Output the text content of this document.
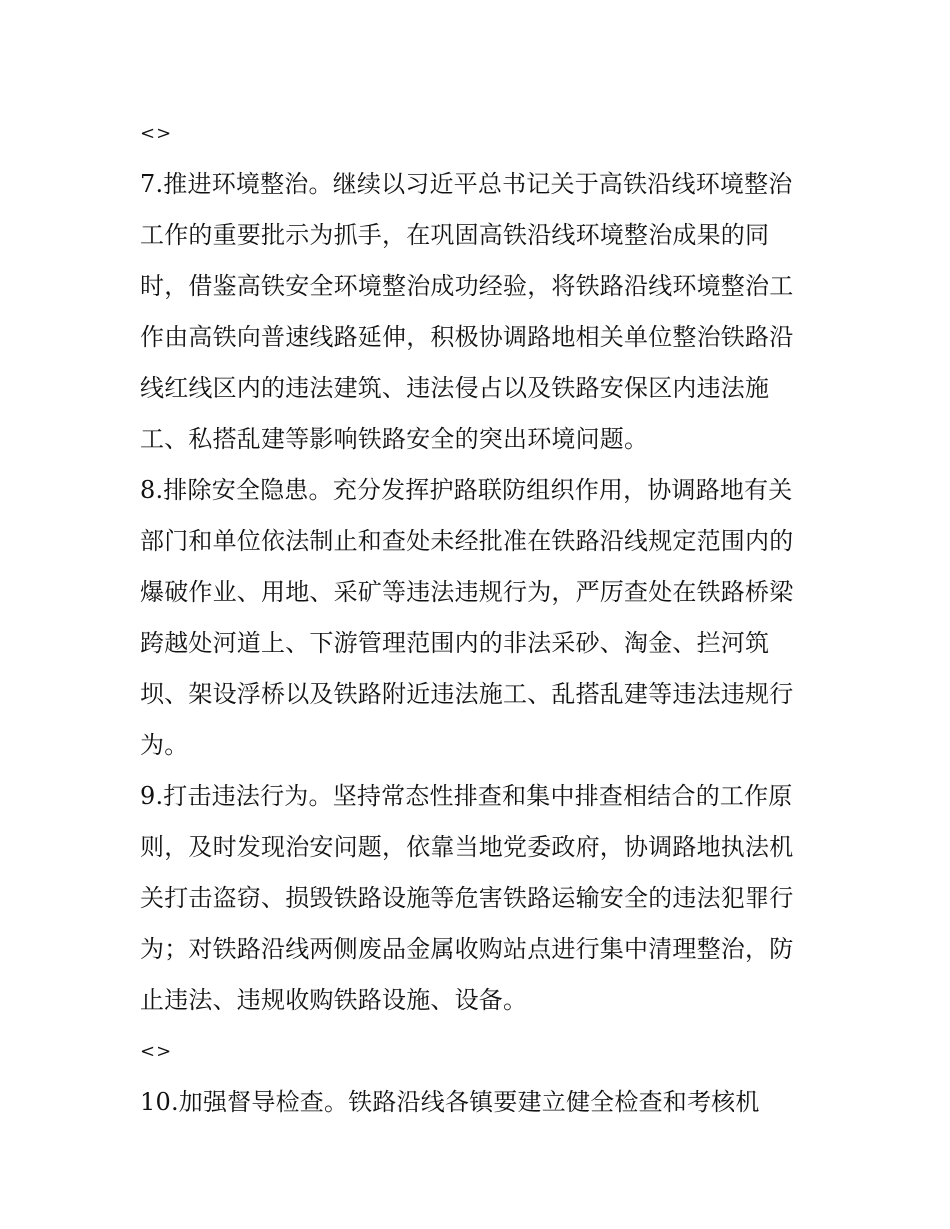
<>
7.推进环境整治。继续以习近平总书记关于高铁沿线环境整治
工作的重要批示为抓手，在巩固高铁沿线环境整治成果的同
时，借鉴高铁安全环境整治成功经验，将铁路沿线环境整治工
作由高铁向普速线路延伸，积极协调路地相关单位整治铁路沿
线红线区内的违法建筑、违法侵占以及铁路安保区内违法施
工、私搭乱建等影响铁路安全的突出环境问题。
8.排除安全隐患。充分发挥护路联防组织作用，协调路地有关
部门和单位依法制止和查处未经批准在铁路沿线规定范围内的
爆破作业、用地、采矿等违法违规行为，严厉查处在铁路桥梁
跨越处河道上、下游管理范围内的非法采砂、淘金、拦河筑
坝、架设浮桥以及铁路附近违法施工、乱搭乱建等违法违规行
为。
9.打击违法行为。坚持常态性排查和集中排查相结合的工作原
则，及时发现治安问题，依靠当地党委政府，协调路地执法机
关打击盗窃、损毁铁路设施等危害铁路运输安全的违法犯罪行
为；对铁路沿线两侧废品金属收购站点进行集中清理整治，防
止违法、违规收购铁路设施、设备。
<>
10.加强督导检查。铁路沿线各镇要建立健全检查和考核机
